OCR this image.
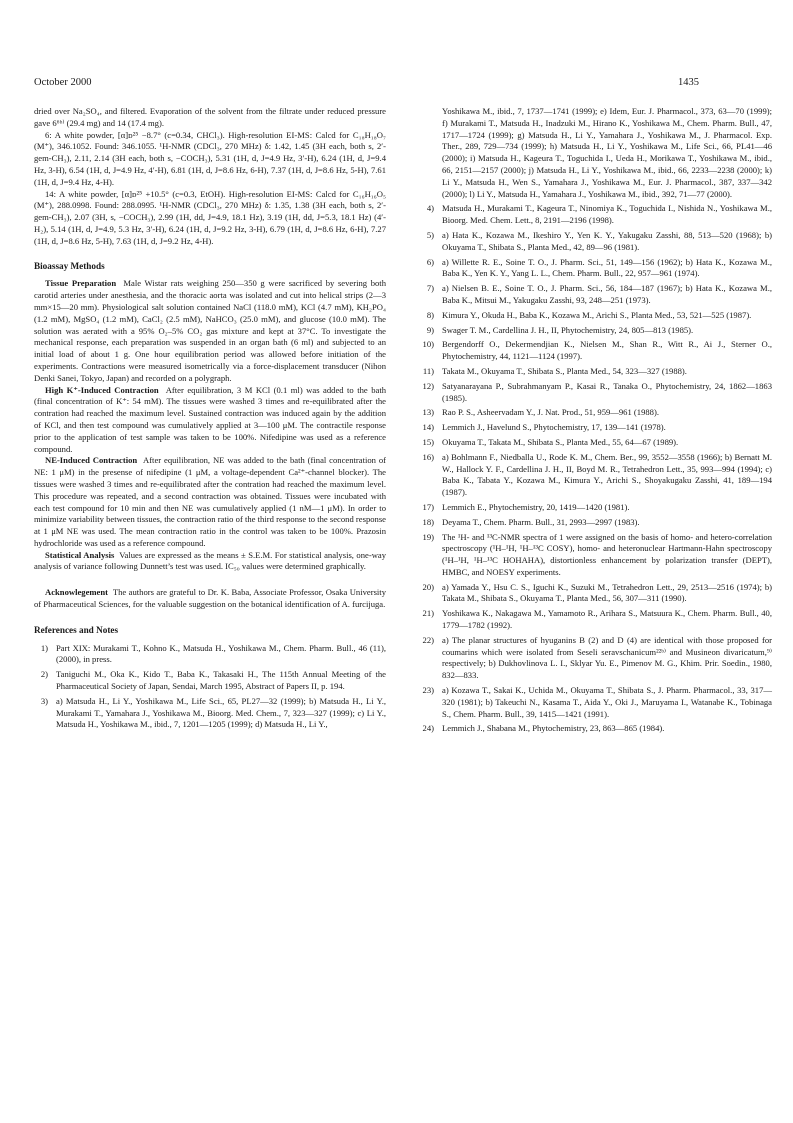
October 2000	1435

dried over Na₂SO₄, and filtered. Evaporation of the solvent from the filtrate under reduced pressure gave 6⁶ᵇ⁾ (29.4 mg) and 14 (17.4 mg).

6: A white powder, [α]ᴅ²⁵ −8.7° (c=0.34, CHCl₃). High-resolution EI-MS: Calcd for C₁₈H₁₈O₇ (M⁺), 346.1052. Found: 346.1055. ¹H-NMR (CDCl₃, 270 MHz) δ: 1.42, 1.45 (3H each, both s, 2′-gem-CH₃), 2.11, 2.14 (3H each, both s, −COCH₃), 5.31 (1H, d, J=4.9 Hz, 3′-H), 6.24 (1H, d, J=9.4 Hz, 3-H), 6.54 (1H, d, J=4.9 Hz, 4′-H), 6.81 (1H, d, J=8.6 Hz, 6-H), 7.37 (1H, d, J=8.6 Hz, 5-H), 7.61 (1H, d, J=9.4 Hz, 4-H).

14: A white powder, [α]ᴅ²⁵ +10.5° (c=0.3, EtOH). High-resolution EI-MS: Calcd for C₁₆H₁₆O₅ (M⁺), 288.0998. Found: 288.0995. ¹H-NMR (CDCl₃, 270 MHz) δ: 1.35, 1.38 (3H each, both s, 2′-gem-CH₃), 2.07 (3H, s, −COCH₃), 2.99 (1H, dd, J=4.9, 18.1 Hz), 3.19 (1H, dd, J=5.3, 18.1 Hz) (4′-H₂), 5.14 (1H, d, J=4.9, 5.3 Hz, 3′-H), 6.24 (1H, d, J=9.2 Hz, 3-H), 6.79 (1H, d, J=8.6 Hz, 6-H), 7.27 (1H, d, J=8.6 Hz, 5-H), 7.63 (1H, d, J=9.2 Hz, 4-H).

Bioassay Methods

Tissue Preparation Male Wistar rats weighing 250—350 g were sacrificed by severing both carotid arteries under anesthesia, and the thoracic aorta was isolated and cut into helical strips (2—3 mm×15—20 mm). Physiological salt solution contained NaCl (118.0 mM), KCl (4.7 mM), KH₂PO₄ (1.2 mM), MgSO₄ (1.2 mM), CaCl₂ (2.5 mM), NaHCO₃ (25.0 mM), and glucose (10.0 mM). The solution was aerated with a 95% O₂–5% CO₂ gas mixture and kept at 37°C. To investigate the mechanical response, each preparation was suspended in an organ bath (6 ml) and subjected to an initial load of about 1 g. One hour equilibration period was allowed before initiation of the experiments. Contractions were measured isometrically via a force-displacement transducer (Nihon Denki Sanei, Tokyo, Japan) and recorded on a polygraph.

High K⁺-Induced Contraction After equilibration, 3 M KCl (0.1 ml) was added to the bath (final concentration of K⁺: 54 mM). The tissues were washed 3 times and re-equilibrated after the contration had reached the maximum level. Sustained contraction was induced again by the addition of KCl, and then test compound was cumulatively applied at 3—100 μM. The contractile response prior to the application of test sample was taken to be 100%. Nifedipine was used as a reference compound.

NE-Induced Contraction After equilibration, NE was added to the bath (final concentration of NE: 1 μM) in the presense of nifedipine (1 μM, a voltage-dependent Ca²⁺-channel blocker). The tissues were washed 3 times and re-equilibrated after the contration had reached the maximum level. This procedure was repeated, and a second contraction was obtained. Tissues were incubated with each test compound for 10 min and then NE was cumulatively applied (1 nM—1 μM). In order to minimize variability between tissues, the contraction ratio of the third response to the second response at 1 μM NE was used. The mean contraction ratio in the control was taken to be 100%. Prazosin hydrochloride was used as a reference compound.

Statistical Analysis Values are expressed as the means ± S.E.M. For statistical analysis, one-way analysis of variance following Dunnett’s test was used. IC₅₀ values were determined graphically.

Acknowlegement The authors are grateful to Dr. K. Baba, Associate Professor, Osaka University of Pharmaceutical Sciences, for the valuable suggestion on the botanical identification of A. furcijuga.

References and Notes
1) Part XIX: Murakami T., Kohno K., Matsuda H., Yoshikawa M., Chem. Pharm. Bull., 46 (11), (2000), in press.
2) Taniguchi M., Oka K., Kido T., Baba K., Takasaki H., The 115th Annual Meeting of the Pharmaceutical Society of Japan, Sendai, March 1995, Abstract of Papers II, p. 194.
3) a) Matsuda H., Li Y., Yoshikawa M., Life Sci., 65, PL27—32 (1999); b) Matsuda H., Li Y., Murakami T., Yamahara J., Yoshikawa M., Bioorg. Med. Chem., 7, 323—327 (1999); c) Li Y., Matsuda H., Yoshikawa M., ibid., 7, 1201—1205 (1999); d) Matsuda H., Li Y.,
Yoshikawa M., ibid., 7, 1737—1741 (1999); e) Idem, Eur. J. Pharmacol., 373, 63—70 (1999); f) Murakami T., Matsuda H., Inadzuki M., Hirano K., Yoshikawa M., Chem. Pharm. Bull., 47, 1717—1724 (1999); g) Matsuda H., Li Y., Yamahara J., Yoshikawa M., J. Pharmacol. Exp. Ther., 289, 729—734 (1999); h) Matsuda H., Li Y., Yoshikawa M., Life Sci., 66, PL41—46 (2000); i) Matsuda H., Kageura T., Toguchida I., Ueda H., Morikawa T., Yoshikawa M., ibid., 66, 2151—2157 (2000); j) Matsuda H., Li Y., Yoshikawa M., ibid., 66, 2233—2238 (2000); k) Li Y., Matsuda H., Wen S., Yamahara J., Yoshikawa M., Eur. J. Pharmacol., 387, 337—342 (2000); l) Li Y., Matsuda H., Yamahara J., Yoshikawa M., ibid., 392, 71—77 (2000).
4) Matsuda H., Murakami T., Kageura T., Ninomiya K., Toguchida I., Nishida N., Yoshikawa M., Bioorg. Med. Chem. Lett., 8, 2191—2196 (1998).
5) a) Hata K., Kozawa M., Ikeshiro Y., Yen K. Y., Yakugaku Zasshi, 88, 513—520 (1968); b) Okuyama T., Shibata S., Planta Med., 42, 89—96 (1981).
6) a) Willette R. E., Soine T. O., J. Pharm. Sci., 51, 149—156 (1962); b) Hata K., Kozawa M., Baba K., Yen K. Y., Yang L. L., Chem. Pharm. Bull., 22, 957—961 (1974).
7) a) Nielsen B. E., Soine T. O., J. Pharm. Sci., 56, 184—187 (1967); b) Hata K., Kozawa M., Baba K., Mitsui M., Yakugaku Zasshi, 93, 248—251 (1973).
8) Kimura Y., Okuda H., Baba K., Kozawa M., Arichi S., Planta Med., 53, 521—525 (1987).
9) Swager T. M., Cardellina J. H., II, Phytochemistry, 24, 805—813 (1985).
10) Bergendorff O., Dekermendjian K., Nielsen M., Shan R., Witt R., Ai J., Sterner O., Phytochemistry, 44, 1121—1124 (1997).
11) Takata M., Okuyama T., Shibata S., Planta Med., 54, 323—327 (1988).
12) Satyanarayana P., Subrahmanyam P., Kasai R., Tanaka O., Phytochemistry, 24, 1862—1863 (1985).
13) Rao P. S., Asheervadam Y., J. Nat. Prod., 51, 959—961 (1988).
14) Lemmich J., Havelund S., Phytochemistry, 17, 139—141 (1978).
15) Okuyama T., Takata M., Shibata S., Planta Med., 55, 64—67 (1989).
16) a) Bohlmann F., Niedballa U., Rode K. M., Chem. Ber., 99, 3552—3558 (1966); b) Bernatt M. W., Hallock Y. F., Cardellina J. H., II, Boyd M. R., Tetrahedron Lett., 35, 993—994 (1994); c) Baba K., Tabata Y., Kozawa M., Kimura Y., Arichi S., Shoyakugaku Zasshi, 41, 189—194 (1987).
17) Lemmich E., Phytochemistry, 20, 1419—1420 (1981).
18) Deyama T., Chem. Pharm. Bull., 31, 2993—2997 (1983).
19) The ¹H- and ¹³C-NMR spectra of 1 were assigned on the basis of homo- and hetero-correlation spectroscopy (¹H–¹H, ¹H–¹³C COSY), homo- and heteronuclear Hartmann-Hahn spectroscopy (¹H–¹H, ¹H–¹³C HOHAHA), distortionless enhancement by polarization transfer (DEPT), HMBC, and NOESY experiments.
20) a) Yamada Y., Hsu C. S., Iguchi K., Suzuki M., Tetrahedron Lett., 29, 2513—2516 (1974); b) Takata M., Shibata S., Okuyama T., Planta Med., 56, 307—311 (1990).
21) Yoshikawa K., Nakagawa M., Yamamoto R., Arihara S., Matsuura K., Chem. Pharm. Bull., 40, 1779—1782 (1992).
22) a) The planar structures of hyuganins B (2) and D (4) are identical with those proposed for coumarins which were isolated from Seseli seravschanicum²²ᵇ⁾ and Musineon divaricatum,⁹⁾ respectively; b) Dukhovlinova L. I., Sklyar Yu. E., Pimenov M. G., Khim. Prir. Soedin., 1980, 832—833.
23) a) Kozawa T., Sakai K., Uchida M., Okuyama T., Shibata S., J. Pharm. Pharmacol., 33, 317—320 (1981); b) Takeuchi N., Kasama T., Aida Y., Oki J., Maruyama I., Watanabe K., Tobinaga S., Chem. Pharm. Bull., 39, 1415—1421 (1991).
24) Lemmich J., Shabana M., Phytochemistry, 23, 863—865 (1984).
